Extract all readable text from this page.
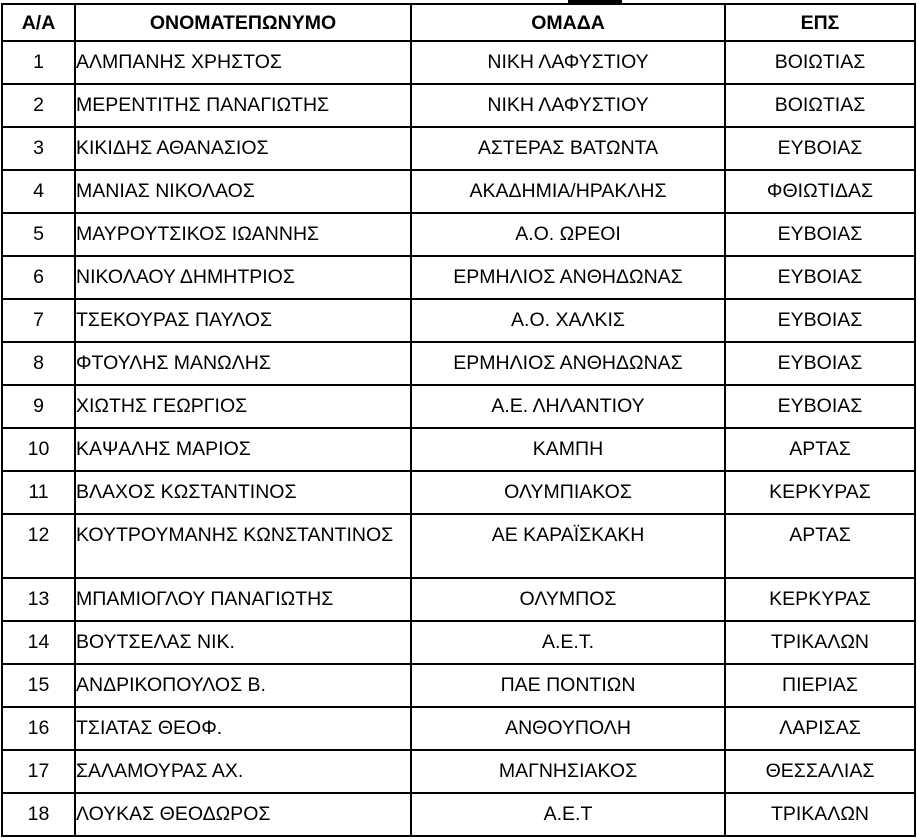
Α/Α	ΟΝΟΜΑΤΕΠΩΝΥΜΟ	ΟΜΑΔΑ	ΕΠΣ
1	ΑΛΜΠΑΝΗΣ ΧΡΗΣΤΟΣ	ΝΙΚΗ ΛΑΦΥΣΤΙΟΥ	ΒΟΙΩΤΙΑΣ
2	ΜΕΡΕΝΤΙΤΗΣ ΠΑΝΑΓΙΩΤΗΣ	ΝΙΚΗ ΛΑΦΥΣΤΙΟΥ	ΒΟΙΩΤΙΑΣ
3	ΚΙΚΙΔΗΣ ΑΘΑΝΑΣΙΟΣ	ΑΣΤΕΡΑΣ ΒΑΤΩΝΤΑ	ΕΥΒΟΙΑΣ
4	ΜΑΝΙΑΣ ΝΙΚΟΛΑΟΣ	ΑΚΑΔΗΜΙΑ/ΗΡΑΚΛΗΣ	ΦΘΙΩΤΙΔΑΣ
5	ΜΑΥΡΟΥΤΣΙΚΟΣ ΙΩΑΝΝΗΣ	Α.Ο. ΩΡΕΟΙ	ΕΥΒΟΙΑΣ
6	ΝΙΚΟΛΑΟΥ ΔΗΜΗΤΡΙΟΣ	ΕΡΜΗΛΙΟΣ ΑΝΘΗΔΩΝΑΣ	ΕΥΒΟΙΑΣ
7	ΤΣΕΚΟΥΡΑΣ ΠΑΥΛΟΣ	Α.Ο. ΧΑΛΚΙΣ	ΕΥΒΟΙΑΣ
8	ΦΤΟΥΛΗΣ ΜΑΝΩΛΗΣ	ΕΡΜΗΛΙΟΣ ΑΝΘΗΔΩΝΑΣ	ΕΥΒΟΙΑΣ
9	ΧΙΩΤΗΣ ΓΕΩΡΓΙΟΣ	Α.Ε. ΛΗΛΑΝΤΙΟΥ	ΕΥΒΟΙΑΣ
10	ΚΑΨΑΛΗΣ ΜΑΡΙΟΣ	ΚΑΜΠΗ	ΑΡΤΑΣ
11	ΒΛΑΧΟΣ ΚΩΣΤΑΝΤΙΝΟΣ	ΟΛΥΜΠΙΑΚΟΣ	ΚΕΡΚΥΡΑΣ
12	ΚΟΥΤΡΟΥΜΑΝΗΣ ΚΩΝΣΤΑΝΤΙΝΟΣ	ΑΕ ΚΑΡΑΪΣΚΑΚΗ	ΑΡΤΑΣ
13	ΜΠΑΜΙΟΓΛΟΥ ΠΑΝΑΓΙΩΤΗΣ	ΟΛΥΜΠΟΣ	ΚΕΡΚΥΡΑΣ
14	ΒΟΥΤΣΕΛΑΣ ΝΙΚ.	Α.Ε.Τ.	ΤΡΙΚΑΛΩΝ
15	ΑΝΔΡΙΚΟΠΟΥΛΟΣ Β.	ΠΑΕ ΠΟΝΤΙΩΝ	ΠΙΕΡΙΑΣ
16	ΤΣΙΑΤΑΣ ΘΕΟΦ.	ΑΝΘΟΥΠΟΛΗ	ΛΑΡΙΣΑΣ
17	ΣΑΛΑΜΟΥΡΑΣ ΑΧ.	ΜΑΓΝΗΣΙΑΚΟΣ	ΘΕΣΣΑΛΙΑΣ
18	ΛΟΥΚΑΣ ΘΕΟΔΩΡΟΣ	Α.Ε.Τ	ΤΡΙΚΑΛΩΝ
